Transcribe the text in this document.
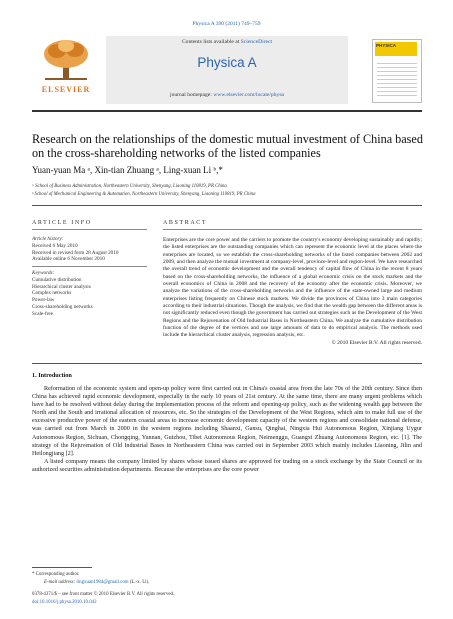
Physica A 390 (2011) 749–759
ELSEVIER
Contents lists available at ScienceDirect
Physica A
journal homepage: www.elsevier.com/locate/physa
PHYSICA
Research on the relationships of the domestic mutual investment of China based on the cross-shareholding networks of the listed companies
Yuan-yuan Ma ᵃ, Xin-tian Zhuang ᵃ, Ling-xuan Li ᵇ,*
ᵃ School of Business Administration, Northeastern University, Shenyang, Liaoning 110819, PR China
ᵇ School of Mechanical Engineering & Automation, Northeastern University, Shenyang, Liaoning 110819, PR China
ARTICLE INFO	ABSTRACT
Article history:
Received 6 May 2010
Received in revised form 28 August 2010
Available online 6 November 2010
Keywords:
Cumulative distribution
Hierarchical cluster analysis
Complex networks
Power-law
Cross-shareholding networks
Scale-free
Enterprises are the core power and the carriers to promote the country's economy developing sustainably and rapidly; the listed enterprises are the outstanding companies which can represent the economic level at the places where the enterprises are located, so we establish the cross-shareholding networks of the listed companies between 2002 and 2009, and then analyze the mutual investment at company-level, province-level and region-level. We have researched the overall trend of economic development and the overall tendency of capital flow of China in the recent 8 years based on the cross-shareholding networks, the influence of a global economic crisis on the stock markets and the overall economics of China in 2008 and the recovery of the economy after the economic crisis. Moreover, we analyze the variations of the cross-shareholding networks and the influence of the state-owned large and medium enterprises listing frequently on Chinese stock markets. We divide the provinces of China into 3 main categories according to their industrial situations. Though the analysis, we find that the wealth gap between the different areas is not significantly reduced even though the government has carried out strategies such as the Development of the West Regions and the Rejuvenation of Old Industrial Bases in Northeastern China. We analyze the cumulative distribution function of the degree of the vertices and use large amounts of data to do empirical analysis. The methods used include the hierarchical cluster analysis, regression analysis, etc.
© 2010 Elsevier B.V. All rights reserved.
1. Introduction

Reformation of the economic system and open-up policy were first carried out in China's coastal area from the late 70s of the 20th century. Since then China has achieved rapid economic development, especially in the early 10 years of 21st century. At the same time, there are many urgent problems which have had to be resolved without delay during the implementation process of the reform and opening-up policy, such as the widening wealth gap between the North and the South and irrational allocation of resources, etc. So the strategies of the Development of the West Regions, which aim to make full use of the excessive productive power of the eastern coastal areas to increase economic development capacity of the western regions and consolidate national defense, was carried out from March in 2000 in the western regions including Shaanxi, Gansu, Qinghai, Ningxia Hui Autonomous Region, Xinjiang Uygur Autonomous Region, Sichuan, Chongqing, Yunnan, Guizhou, Tibet Autonomous Region, Neimenggu, Guangxi Zhuang Autonomous Region, etc. [1]. The strategy of the Rejuvenation of Old Industrial Bases in Northeastern China was carried out in September 2003 which mainly includes Liaoning, Jilin and Heilongjiang [2].

A listed company means the company limited by shares whose issued shares are approved for trading on a stock exchange by the State Council or its authorized securities administration departments. Because the enterprises are the core power

* Corresponding author.
E-mail address: lingxuan1984@gmail.com (L.-x. Li).
0378-4371/$ – see front matter © 2010 Elsevier B.V. All rights reserved.
doi:10.1016/j.physa.2010.10.042
